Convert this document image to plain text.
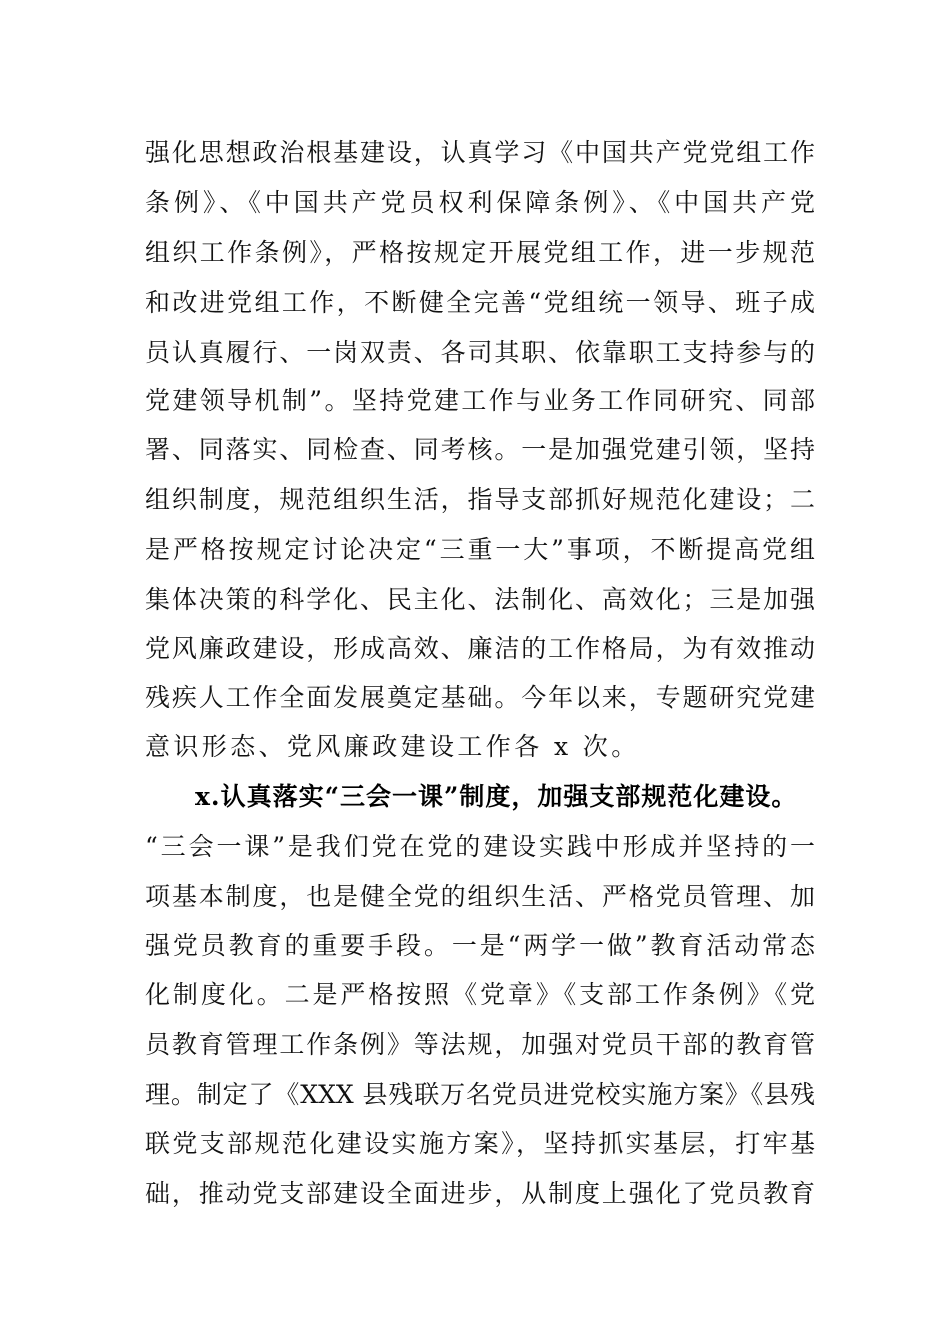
强化思想政治根基建设，认真学习《中国共产党党组工作
条例》、《中国共产党员权利保障条例》、《中国共产党
组织工作条例》，严格按规定开展党组工作，进一步规范
和改进党组工作，不断健全完善“党组统一领导、班子成
员认真履行、一岗双责、各司其职、依靠职工支持参与的
党建领导机制”。坚持党建工作与业务工作同研究、同部
署、同落实、同检查、同考核。一是加强党建引领，坚持
组织制度，规范组织生活，指导支部抓好规范化建设；二
是严格按规定讨论决定“三重一大”事项，不断提高党组
集体决策的科学化、民主化、法制化、高效化；三是加强
党风廉政建设，形成高效、廉洁的工作格局，为有效推动
残疾人工作全面发展奠定基础。今年以来，专题研究党建
意识形态、党风廉政建设工作各 x 次。
x.认真落实“三会一课”制度，加强支部规范化建设。
“三会一课”是我们党在党的建设实践中形成并坚持的一
项基本制度，也是健全党的组织生活、严格党员管理、加
强党员教育的重要手段。一是“两学一做”教育活动常态
化制度化。二是严格按照《党章》《支部工作条例》《党
员教育管理工作条例》等法规，加强对党员干部的教育管
理。制定了《XXX 县残联万名党员进党校实施方案》《县残
联党支部规范化建设实施方案》，坚持抓实基层，打牢基
础，推动党支部建设全面进步，从制度上强化了党员教育
